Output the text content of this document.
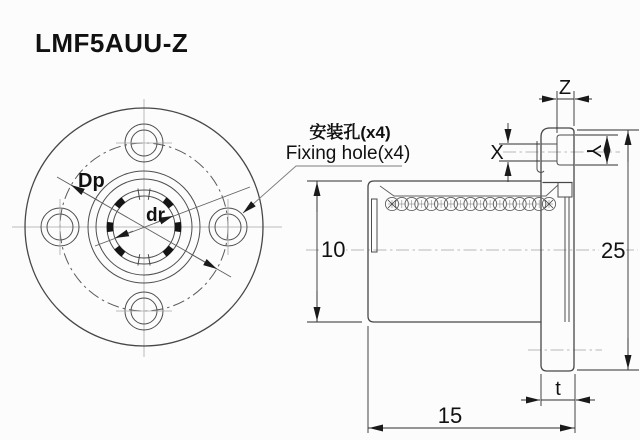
LMF5AUU-Z
Dp
dr
安装孔(x4)
Fixing hole(x4)	X	Y
Z
10	25
t
15
